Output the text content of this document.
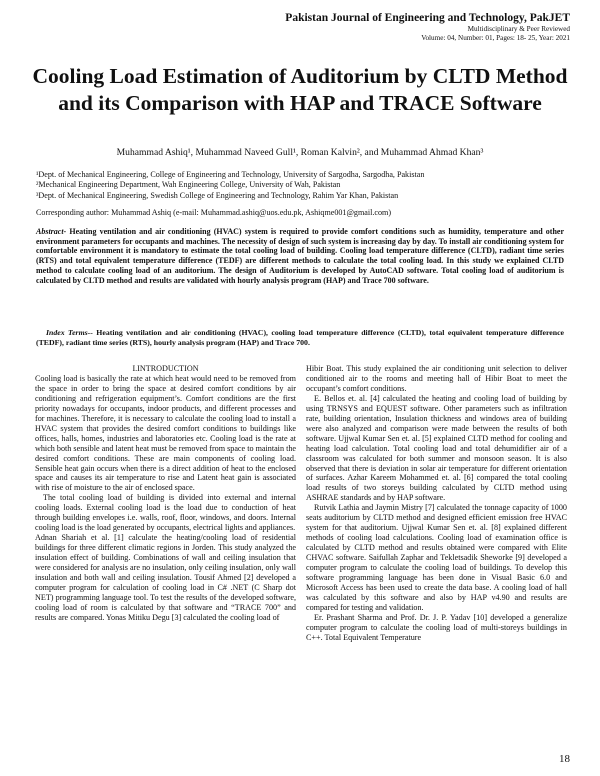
Pakistan Journal of Engineering and Technology, PakJET
Multidisciplinary & Peer Reviewed
Volume: 04, Number: 01, Pages: 18- 25, Year: 2021
Cooling Load Estimation of Auditorium by CLTD Method and its Comparison with HAP and TRACE Software
Muhammad Ashiq¹, Muhammad Naveed Gull¹, Roman Kalvin², and Muhammad Ahmad Khan³
¹Dept. of Mechanical Engineering, College of Engineering and Technology, University of Sargodha, Sargodha, Pakistan
²Mechanical Engineering Department, Wah Engineering College, University of Wah, Pakistan
³Dept. of Mechanical Engineering, Swedish College of Engineering and Technology, Rahim Yar Khan, Pakistan
Corresponding author: Muhammad Ashiq (e-mail: Muhammad.ashiq@uos.edu.pk, Ashiqme001@gmail.com)
Abstract- Heating ventilation and air conditioning (HVAC) system is required to provide comfort conditions such as humidity, temperature and other environment parameters for occupants and machines. The necessity of design of such system is increasing day by day. To install air conditioning system for comfortable environment it is mandatory to estimate the total cooling load of building. Cooling load temperature difference (CLTD), radiant time series (RTS) and total equivalent temperature difference (TEDF) are different methods to calculate the total cooling load. In this study we explained CLTD method to calculate cooling load of an auditorium. The design of Auditorium is developed by AutoCAD software. Total cooling load of auditorium is calculated by CLTD method and results are validated with hourly analysis program (HAP) and Trace 700 software.
Index Terms-- Heating ventilation and air conditioning (HVAC), cooling load temperature difference (CLTD), total equivalent temperature difference (TEDF), radiant time series (RTS), hourly analysis program (HAP) and Trace 700.

I.INTRODUCTION

Cooling load is basically the rate at which heat would need to be removed from the space in order to bring the space at desired comfort conditions by air conditioning and refrigeration equipment’s. Comfort conditions are the first priority nowadays for occupants, indoor products, and different processes and for machines. Therefore, it is necessary to calculate the cooling load to install a HVAC system that provides the desired comfort conditions to buildings like offices, halls, homes, industries and laboratories etc. Cooling load is the rate at which both sensible and latent heat must be removed from space to maintain the desired comfort conditions. These are main components of cooling load. Sensible heat gain occurs when there is a direct addition of heat to the enclosed space and causes its air temperature to rise and Latent heat gain is associated with rise of moisture to the air of enclosed space.

The total cooling load of building is divided into external and internal cooling loads. External cooling load is the load due to conduction of heat through building envelopes i.e. walls, roof, floor, windows, and doors. Internal cooling load is the load generated by occupants, electrical lights and appliances.

Adnan Shariah et al. [1] calculate the heating/cooling load of residential buildings for three different climatic regions in Jorden. This study analyzed the insulation effect of building. Combinations of wall and ceiling insulation that were considered for analysis are no insulation, only ceiling insulation, only wall insulation and both wall and ceiling insulation. Tousif Ahmed [2] developed a computer program for calculation of cooling load in C# .NET (C Sharp dot NET) programming language tool. To test the results of the developed software, cooling load of room is calculated by that software and “TRACE 700” and results are compared. Yonas Mitiku Degu [3] calculated the cooling load of

Hibir Boat. This study explained the air conditioning unit selection to deliver conditioned air to the rooms and meeting hall of Hibir Boat to meet the occupant’s comfort conditions.

E. Bellos et. al. [4] calculated the heating and cooling load of building by using TRNSYS and EQUEST software. Other parameters such as infiltration rate, building orientation, Insulation thickness and windows area of building were also analyzed and comparison were made between the results of both software. Ujjwal Kumar Sen et. al. [5] explained CLTD method for cooling and heating load calculation. Total cooling load and total dehumidifier air of a classroom was calculated for both summer and monsoon season. It is also observed that there is deviation in solar air temperature for different orientation of surfaces. Azhar Kareem Mohammed et. al. [6] compared the total cooling load results of two storeys building calculated by CLTD method using ASHRAE standards and by HAP software.

Rutvik Lathia and Jaymin Mistry [7] calculated the tonnage capacity of 1000 seats auditorium by CLTD method and designed efficient emission free HVAC system for that auditorium. Ujjwal Kumar Sen et. al. [8] explained different methods of cooling load calculations. Cooling load of examination office is calculated by CLTD method and results obtained were compared with Elite CHVAC software. Saifullah Zaphar and Tekletsadik Sheworke [9] developed a computer program to calculate the cooling load of buildings. To develop this software programming language has been done in Visual Basic 6.0 and Microsoft Access has been used to create the data base. A cooling load of hall was calculated by this software and also by HAP v4.90 and results are compared for testing and validation.

Er. Prashant Sharma and Prof. Dr. J. P. Yadav [10] developed a generalize computer program to calculate the cooling load of multi-storeys buildings in C++. Total Equivalent Temperature

18
